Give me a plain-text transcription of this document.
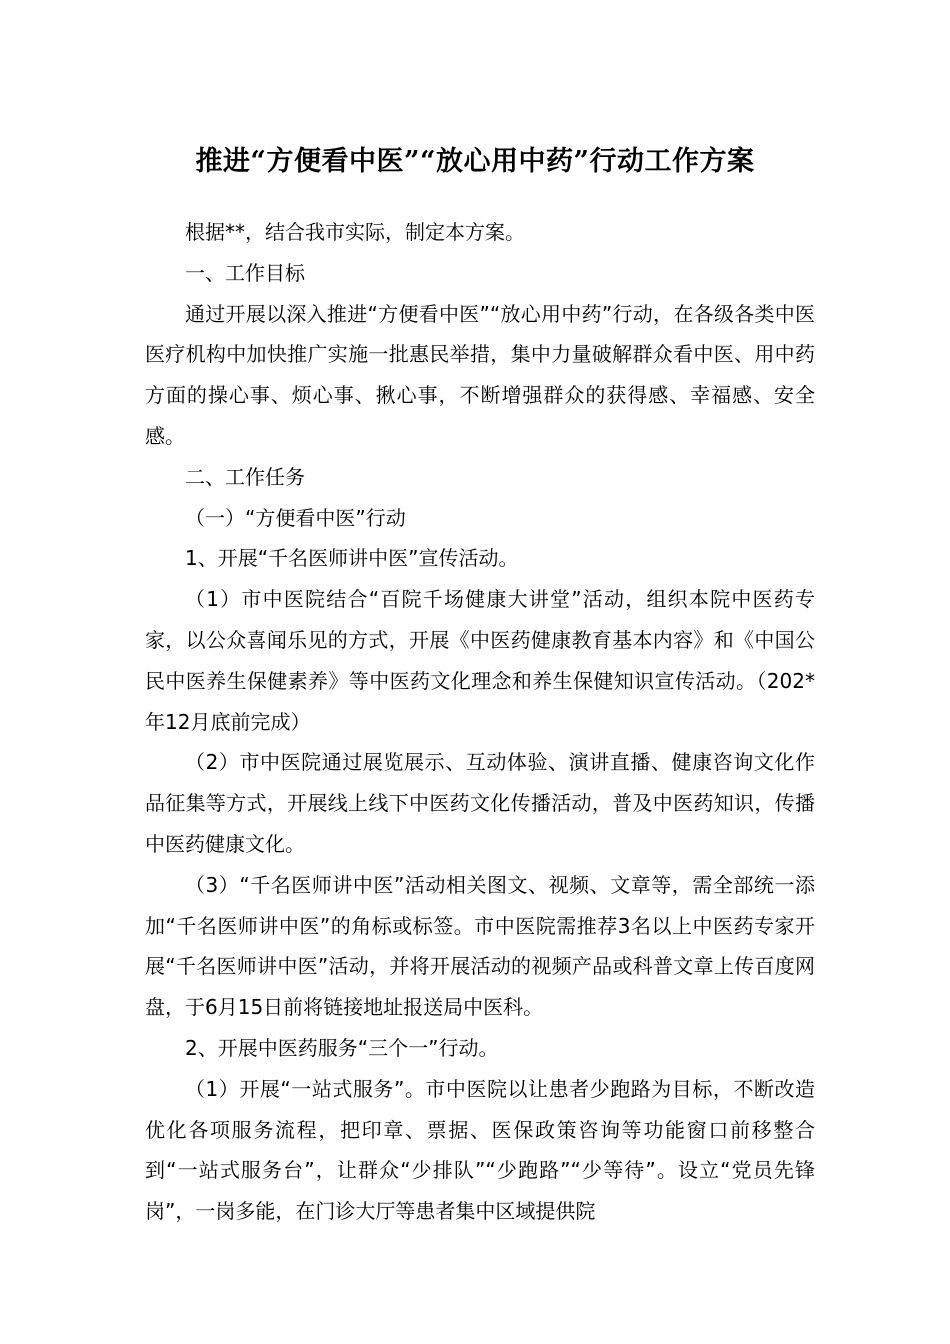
推进“方便看中医”“放心用中药”行动工作方案

根据**，结合我市实际，制定本方案。

一、工作目标

通过开展以深入推进“方便看中医”“放心用中药”行动，在各级各类中医医疗机构中加快推广实施一批惠民举措，集中力量破解群众看中医、用中药方面的操心事、烦心事、揪心事，不断增强群众的获得感、幸福感、安全感。

二、工作任务

（一）“方便看中医”行动

1、开展“千名医师讲中医”宣传活动。

（1）市中医院结合“百院千场健康大讲堂”活动，组织本院中医药专家，以公众喜闻乐见的方式，开展《中医药健康教育基本内容》和《中国公民中医养生保健素养》等中医药文化理念和养生保健知识宣传活动。（202*年12月底前完成）

（2）市中医院通过展览展示、互动体验、演讲直播、健康咨询文化作品征集等方式，开展线上线下中医药文化传播活动，普及中医药知识，传播中医药健康文化。

（3）“千名医师讲中医”活动相关图文、视频、文章等，需全部统一添加“千名医师讲中医”的角标或标签。市中医院需推荐3名以上中医药专家开展“千名医师讲中医”活动，并将开展活动的视频产品或科普文章上传百度网盘，于6月15日前将链接地址报送局中医科。

2、开展中医药服务“三个一”行动。

（1）开展“一站式服务”。市中医院以让患者少跑路为目标，不断改造优化各项服务流程，把印章、票据、医保政策咨询等功能窗口前移整合到“一站式服务台”，让群众“少排队”“少跑路”“少等待”。设立“党员先锋岗”，一岗多能，在门诊大厅等患者集中区域提供院
